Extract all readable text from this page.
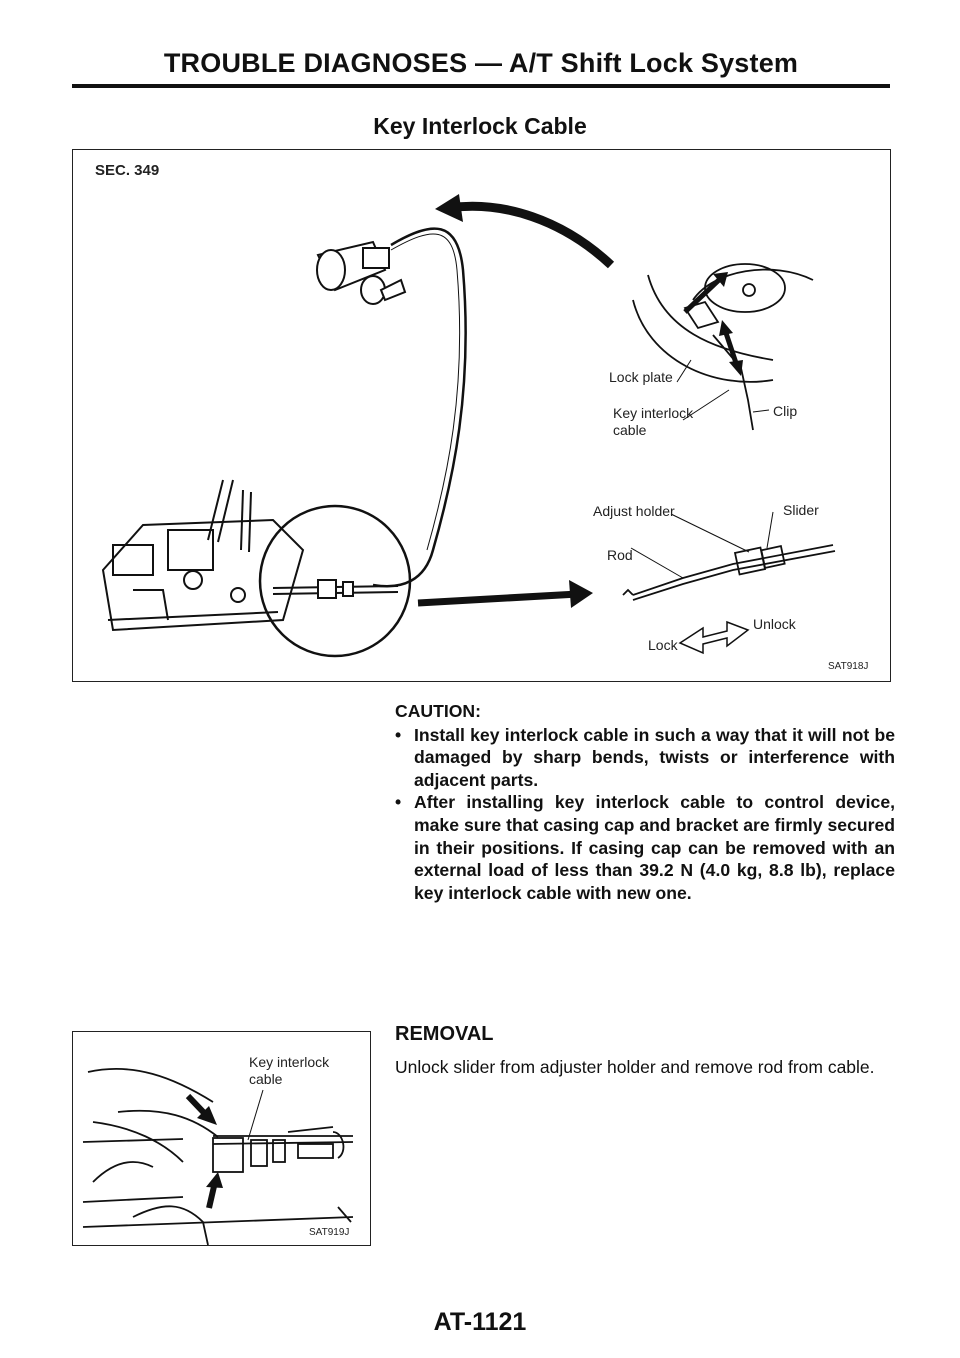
TROUBLE DIAGNOSES — A/T Shift Lock System
Key Interlock Cable
SEC. 349
Lock plate
Key interlock
cable
Clip
Adjust holder	Slider
Rod
Unlock
Lock
SAT918J
CAUTION:
• Install key interlock cable in such a way that it will not be damaged by sharp bends, twists or interference with adjacent parts.
• After installing key interlock cable to control device, make sure that casing cap and bracket are firmly secured in their positions. If casing cap can be removed with an external load of less than 39.2 N (4.0 kg, 8.8 lb), replace key interlock cable with new one.
Key interlock
cable
SAT919J
REMOVAL
Unlock slider from adjuster holder and remove rod from cable.
AT-1121
